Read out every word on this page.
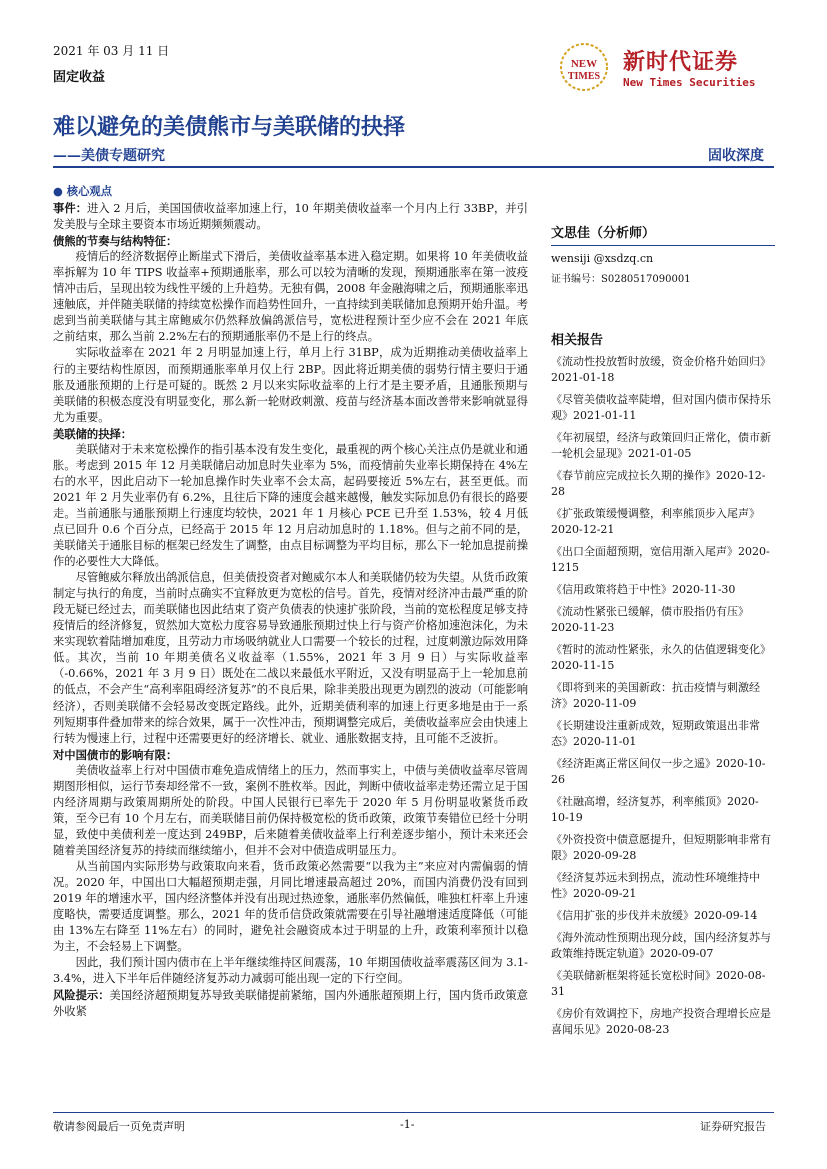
2021 年 03 月 11 日
固定收益
NEW
TIMES
新时代证券
New Times Securities
难以避免的美债熊市与美联储的抉择
——美债专题研究	固收深度

● 核心观点

事件：进入 2 月后，美国国债收益率加速上行，10 年期美债收益率一个月内上行 33BP，并引发美股与全球主要资本市场近期频频震动。

债熊的节奏与结构特征：

疫情后的经济数据停止断崖式下滑后，美债收益率基本进入稳定期。如果将 10 年美债收益率拆解为 10 年 TIPS 收益率+预期通胀率，那么可以较为清晰的发现，预期通胀率在第一波疫情冲击后，呈现出较为线性平缓的上升趋势。无独有偶，2008 年金融海啸之后，预期通胀率迅速触底，并伴随美联储的持续宽松操作而趋势性回升，一直持续到美联储加息预期开始升温。考虑到当前美联储与其主席鲍威尔仍然释放偏鸽派信号，宽松进程预计至少应不会在 2021 年底之前结束，那么当前 2.2%左右的预期通胀率仍不是上行的终点。

实际收益率在 2021 年 2 月明显加速上行，单月上行 31BP，成为近期推动美债收益率上行的主要结构性原因，而预期通胀率单月仅上行 2BP。因此将近期美债的弱势行情主要归于通胀及通胀预期的上行是可疑的。既然 2 月以来实际收益率的上行才是主要矛盾，且通胀预期与美联储的积极态度没有明显变化，那么新一轮财政刺激、疫苗与经济基本面改善带来影响就显得尤为重要。

美联储的抉择：

美联储对于未来宽松操作的指引基本没有发生变化，最重视的两个核心关注点仍是就业和通胀。考虑到 2015 年 12 月美联储启动加息时失业率为 5%，而疫情前失业率长期保持在 4%左右的水平，因此启动下一轮加息操作时失业率不会太高，起码要接近 5%左右，甚至更低。而 2021 年 2 月失业率仍有 6.2%，且往后下降的速度会越来越慢，触发实际加息仍有很长的路要走。当前通胀与通胀预期上行速度均较快，2021 年 1 月核心 PCE 已升至 1.53%，较 4 月低点已回升 0.6 个百分点，已经高于 2015 年 12 月启动加息时的 1.18%。但与之前不同的是，美联储关于通胀目标的框架已经发生了调整，由点目标调整为平均目标，那么下一轮加息提前操作的必要性大大降低。

尽管鲍威尔释放出鸽派信息，但美债投资者对鲍威尔本人和美联储仍较为失望。从货币政策制定与执行的角度，当前时点确实不宜释放更为宽松的信号。首先，疫情对经济冲击最严重的阶段无疑已经过去，而美联储也因此结束了资产负债表的快速扩张阶段，当前的宽松程度足够支持疫情后的经济修复，贸然加大宽松力度容易导致通胀预期过快上行与资产价格加速泡沫化，为未来实现软着陆增加难度，且劳动力市场吸纳就业人口需要一个较长的过程，过度刺激边际效用降低。其次，当前 10 年期美债名义收益率（1.55%，2021 年 3 月 9 日）与实际收益率（-0.66%，2021 年 3 月 9 日）既处在二战以来最低水平附近，又没有明显高于上一轮加息前的低点，不会产生“高利率阻碍经济复苏”的不良后果，除非美股出现更为剧烈的波动（可能影响经济），否则美联储不会轻易改变既定路线。此外，近期美债利率的加速上行更多地是由于一系列短期事件叠加带来的综合效果，属于一次性冲击，预期调整完成后，美债收益率应会由快速上行转为慢速上行，过程中还需要更好的经济增长、就业、通胀数据支持，且可能不乏波折。

对中国债市的影响有限：

美债收益率上行对中国债市难免造成情绪上的压力，然而事实上，中债与美债收益率尽管周期图形相似，运行节奏却经常不一致，案例不胜枚举。因此，判断中债收益率走势还需立足于国内经济周期与政策周期所处的阶段。中国人民银行已率先于 2020 年 5 月份明显收紧货币政策，至今已有 10 个月左右，而美联储目前仍保持极宽松的货币政策，政策节奏错位已经十分明显，致使中美债利差一度达到 249BP，后来随着美债收益率上行利差逐步缩小，预计未来还会随着美国经济复苏的持续而继续缩小，但并不会对中债造成明显压力。

从当前国内实际形势与政策取向来看，货币政策必然需要“以我为主”来应对内需偏弱的情况。2020 年，中国出口大幅超预期走强，月同比增速最高超过 20%，而国内消费仍没有回到 2019 年的增速水平，国内经济整体并没有出现过热迹象，通胀率仍然偏低，唯独杠杆率上升速度略快，需要适度调整。那么，2021 年的货币信贷政策就需要在引导社融增速适度降低（可能由 13%左右降至 11%左右）的同时，避免社会融资成本过于明显的上升，政策利率预计以稳为主，不会轻易上下调整。

因此，我们预计国内债市在上半年继续维持区间震荡，10 年期国债收益率震荡区间为 3.1-3.4%，进入下半年后伴随经济复苏动力减弱可能出现一定的下行空间。

风险提示：美国经济超预期复苏导致美联储提前紧缩，国内外通胀超预期上行，国内货币政策意外收紧

文思佳（分析师）
wensiji @xsdzq.cn
证书编号：S0280517090001
相关报告
《流动性投放暂时放缓，资金价格升始回归》2021-01-18
《尽管美债收益率陡增，但对国内债市保持乐观》2021-01-11
《年初展望，经济与政策回归正常化，债市新一轮机会显现》2021-01-05
《春节前应完成拉长久期的操作》2020-12-28
《扩张政策缓慢调整，利率熊顶步入尾声》2020-12-21
《出口全面超预期，宽信用渐入尾声》2020-1215
《信用政策将趋于中性》2020-11-30
《流动性紧张已缓解，债市股指仍有压》2020-11-23
《暂时的流动性紧张，永久的估值逻辑变化》2020-11-15
《即将到来的美国新政：抗击疫情与刺激经济》2020-11-09
《长期建设注重新成效，短期政策退出非常态》2020-11-01
《经济距离正常区间仅一步之遥》2020-10-26
《社融高增，经济复苏，利率熊顶》2020-10-19
《外资投资中债意愿提升，但短期影响非常有限》2020-09-28
《经济复苏远未到拐点，流动性环境维持中性》2020-09-21
《信用扩张的步伐并未放缓》2020-09-14
《海外流动性预期出现分歧，国内经济复苏与政策维持既定轨道》2020-09-07
《美联储新框架将延长宽松时间》2020-08-31
《房价有效调控下，房地产投资合理增长应是喜闻乐见》2020-08-23
敬请参阅最后一页免责声明	-1-	证券研究报告
